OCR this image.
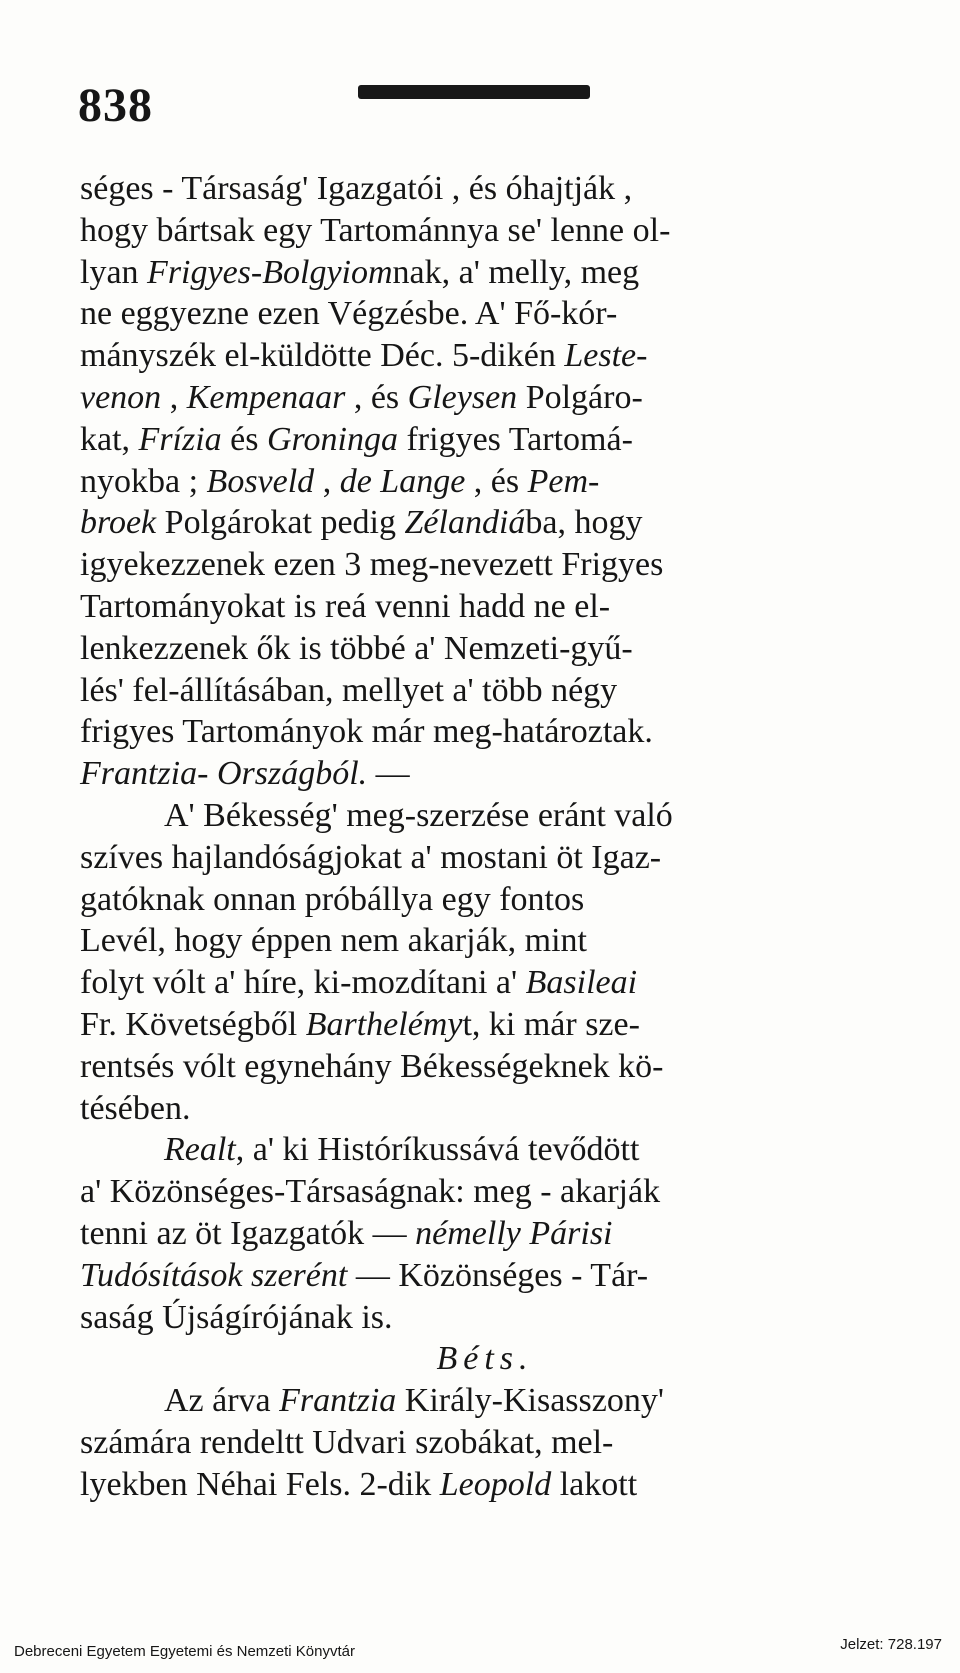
838
séges - Társaság' Igazgatói , és óhajtják ,
hogy bártsak egy Tartománnya se' lenne ol-
lyan Frigyes-Bolgyiomnak, a' melly, meg
ne eggyezne ezen Végzésbe. A' Fő-kór-
mányszék el-küldötte Déc. 5-dikén Leste-
venon , Kempenaar , és Gleysen Polgáro-
kat, Frízia és Groninga frigyes Tartomá-
nyokba ; Bosveld , de Lange , és Pem-
broek Polgárokat pedig Zélandiába, hogy
igyekezzenek ezen 3 meg-nevezett Frigyes
Tartományokat is reá venni hadd ne el-
lenkezzenek ők is többé a' Nemzeti-gyű-
lés' fel-állításában, mellyet a' több négy
frigyes Tartományok már meg-határoztak.
Frantzia- Országból. —
A' Békesség' meg-szerzése eránt való
szíves hajlandóságjokat a' mostani öt Igaz-
gatóknak onnan próbállya egy fontos
Levél, hogy éppen nem akarják, mint
folyt vólt a' híre, ki-mozdítani a' Basileai
Fr. Követségből Barthelémyt, ki már sze-
rentsés vólt egynehány Békességeknek kö-
tésében.
Realt, a' ki Históríkussává tevődött
a' Közönséges-Társaságnak: meg - akarják
tenni az öt Igazgatók — némelly Párisi
Tudósítások szerént — Közönséges - Tár-
saság Újságírójának is.
Béts.
Az árva Frantzia Király-Kisasszony'
számára rendeltt Udvari szobákat, mel-
lyekben Néhai Fels. 2-dik Leopold lakott
Debreceni Egyetem Egyetemi és Nemzeti Könyvtár	Jelzet: 728.197
